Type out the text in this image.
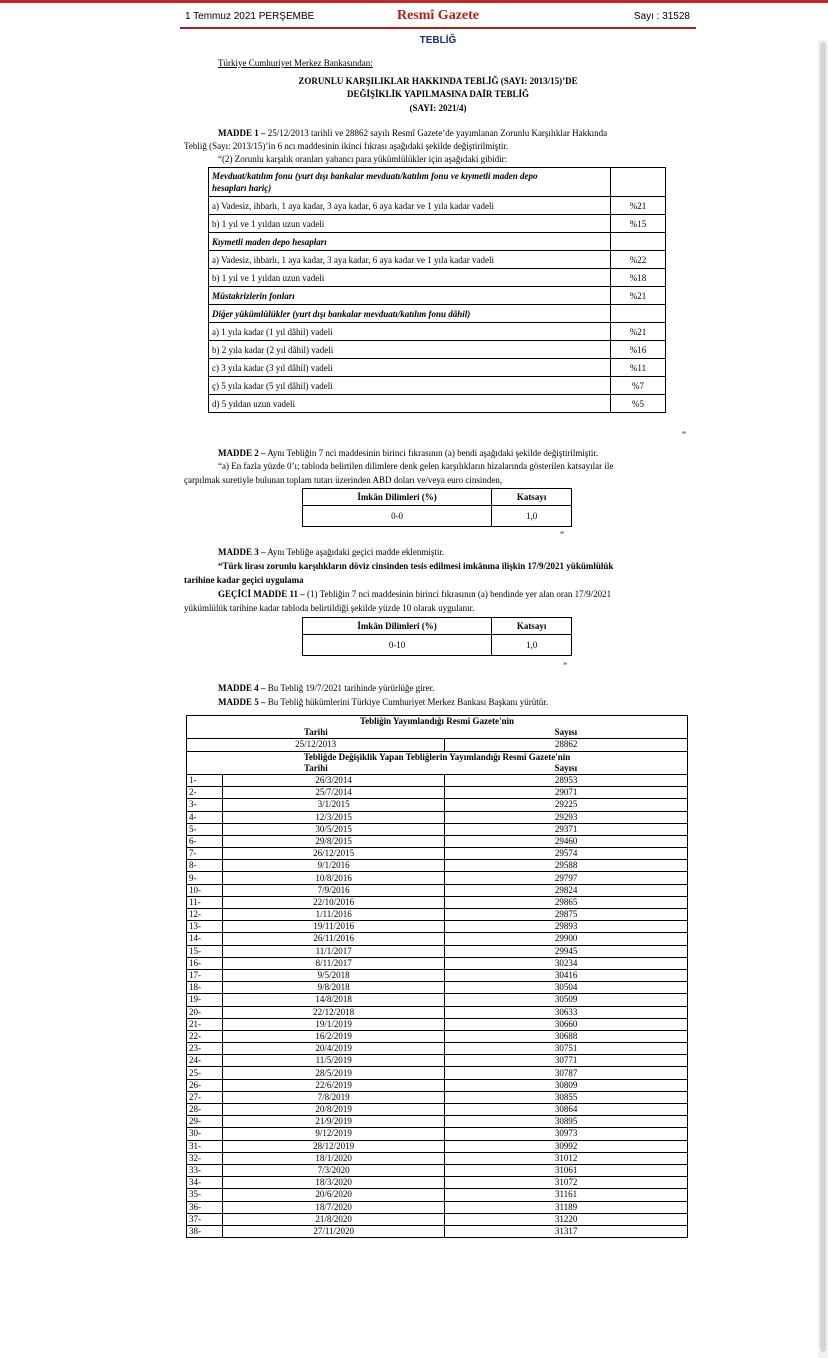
1 Temmuz 2021 PERŞEMBE	Resmî Gazete	Sayı : 31528
TEBLİĞ
Türkiye Cumhuriyet Merkez Bankasından:
ZORUNLU KARŞILIKLAR HAKKINDA TEBLİĞ (SAYI: 2013/15)’DE
DEĞİŞİKLİK YAPILMASINA DAİR TEBLİĞ
(SAYI: 2021/4)
MADDE 1 – 25/12/2013 tarihli ve 28862 sayılı Resmî Gazete’de yayımlanan Zorunlu Karşılıklar Hakkında
Tebliğ (Sayı: 2013/15)’in 6 ncı maddesinin ikinci fıkrası aşağıdaki şekilde değiştirilmiştir.
“(2) Zorunlu karşılık oranları yabancı para yükümlülükler için aşağıdaki gibidir:
Mevduat/katılım fonu (yurt dışı bankalar mevduatı/katılım fonu ve kıymetli maden depo
hesapları hariç)	

a) Vadesiz, ihbarlı, 1 aya kadar, 3 aya kadar, 6 aya kadar ve 1 yıla kadar vadeli	%21
b) 1 yıl ve 1 yıldan uzun vadeli	%15
Kıymetli maden depo hesapları	
a) Vadesiz, ihbarlı, 1 aya kadar, 3 aya kadar, 6 aya kadar ve 1 yıla kadar vadeli	%22
b) 1 yıl ve 1 yıldan uzun vadeli	%18
Müstakrizlerin fonları	%21
Diğer yükümlülükler (yurt dışı bankalar mevduatı/katılım fonu dâhil)	
a) 1 yıla kadar (1 yıl dâhil) vadeli	%21
b) 2 yıla kadar (2 yıl dâhil) vadeli	%16
c) 3 yıla kadar (3 yıl dâhil) vadeli	%11
ç) 5 yıla kadar (5 yıl dâhil) vadeli	%7
d) 5 yıldan uzun vadeli	%5
”
MADDE 2 – Aynı Tebliğin 7 nci maddesinin birinci fıkrasının (a) bendi aşağıdaki şekilde değiştirilmiştir.
“a) En fazla yüzde 0’ı; tabloda belirtilen dilimlere denk gelen karşılıkların hizalarında gösterilen katsayılar ile
çarpılmak suretiyle bulunan toplam tutarı üzerinden ABD doları ve/veya euro cinsinden,
İmkân Dilimleri (%)	Katsayı
0-0	1,0
”
MADDE 3 – Aynı Tebliğe aşağıdaki geçici madde eklenmiştir.
“Türk lirası zorunlu karşılıkların döviz cinsinden tesis edilmesi imkânına ilişkin 17/9/2021 yükümlülük
tarihine kadar geçici uygulama
GEÇİCİ MADDE 11 – (1) Tebliğin 7 nci maddesinin birinci fıkrasının (a) bendinde yer alan oran 17/9/2021
yükümlülük tarihine kadar tabloda belirtildiği şekilde yüzde 10 olarak uygulanır.
İmkân Dilimleri (%)	Katsayı
0-10	1,0
”
MADDE 4 – Bu Tebliğ 19/7/2021 tarihinde yürürlüğe girer.
MADDE 5 – Bu Tebliğ hükümlerini Türkiye Cumhuriyet Merkez Bankası Başkanı yürütür.
Tebliğin Yayımlandığı Resmî Gazete'nin		
Tarihi		Sayısı
25/12/2013		28862
Tebliğde Değişiklik Yapan Tebliğlerin Yayımlandığı Resmî Gazete'nin		
Tarihi		Sayısı
1-	26/3/2014	28953
2-	25/7/2014	29071
3-	3/1/2015	29225
4-	12/3/2015	29293
5-	30/5/2015	29371
6-	29/8/2015	29460
7-	26/12/2015	29574
8-	9/1/2016	29588
9-	10/8/2016	29797
10-	7/9/2016	29824
11-	22/10/2016	29865
12-	1/11/2016	29875
13-	19/11/2016	29893
14-	26/11/2016	29900
15-	11/1/2017	29945
16-	8/11/2017	30234
17-	9/5/2018	30416
18-	9/8/2018	30504
19-	14/8/2018	30509
20-	22/12/2018	30633
21-	19/1/2019	30660
22-	16/2/2019	30688
23-	20/4/2019	30751
24-	11/5/2019	30771
25-	28/5/2019	30787
26-	22/6/2019	30809
27-	7/8/2019	30855
28-	20/8/2019	30864
29-	21/9/2019	30895
30-	9/12/2019	30973
31-	28/12/2019	30992
32-	18/1/2020	31012
33-	7/3/2020	31061
34-	18/3/2020	31072
35-	20/6/2020	31161
36-	18/7/2020	31189
37-	21/8/2020	31220
38-	27/11/2020	31317
